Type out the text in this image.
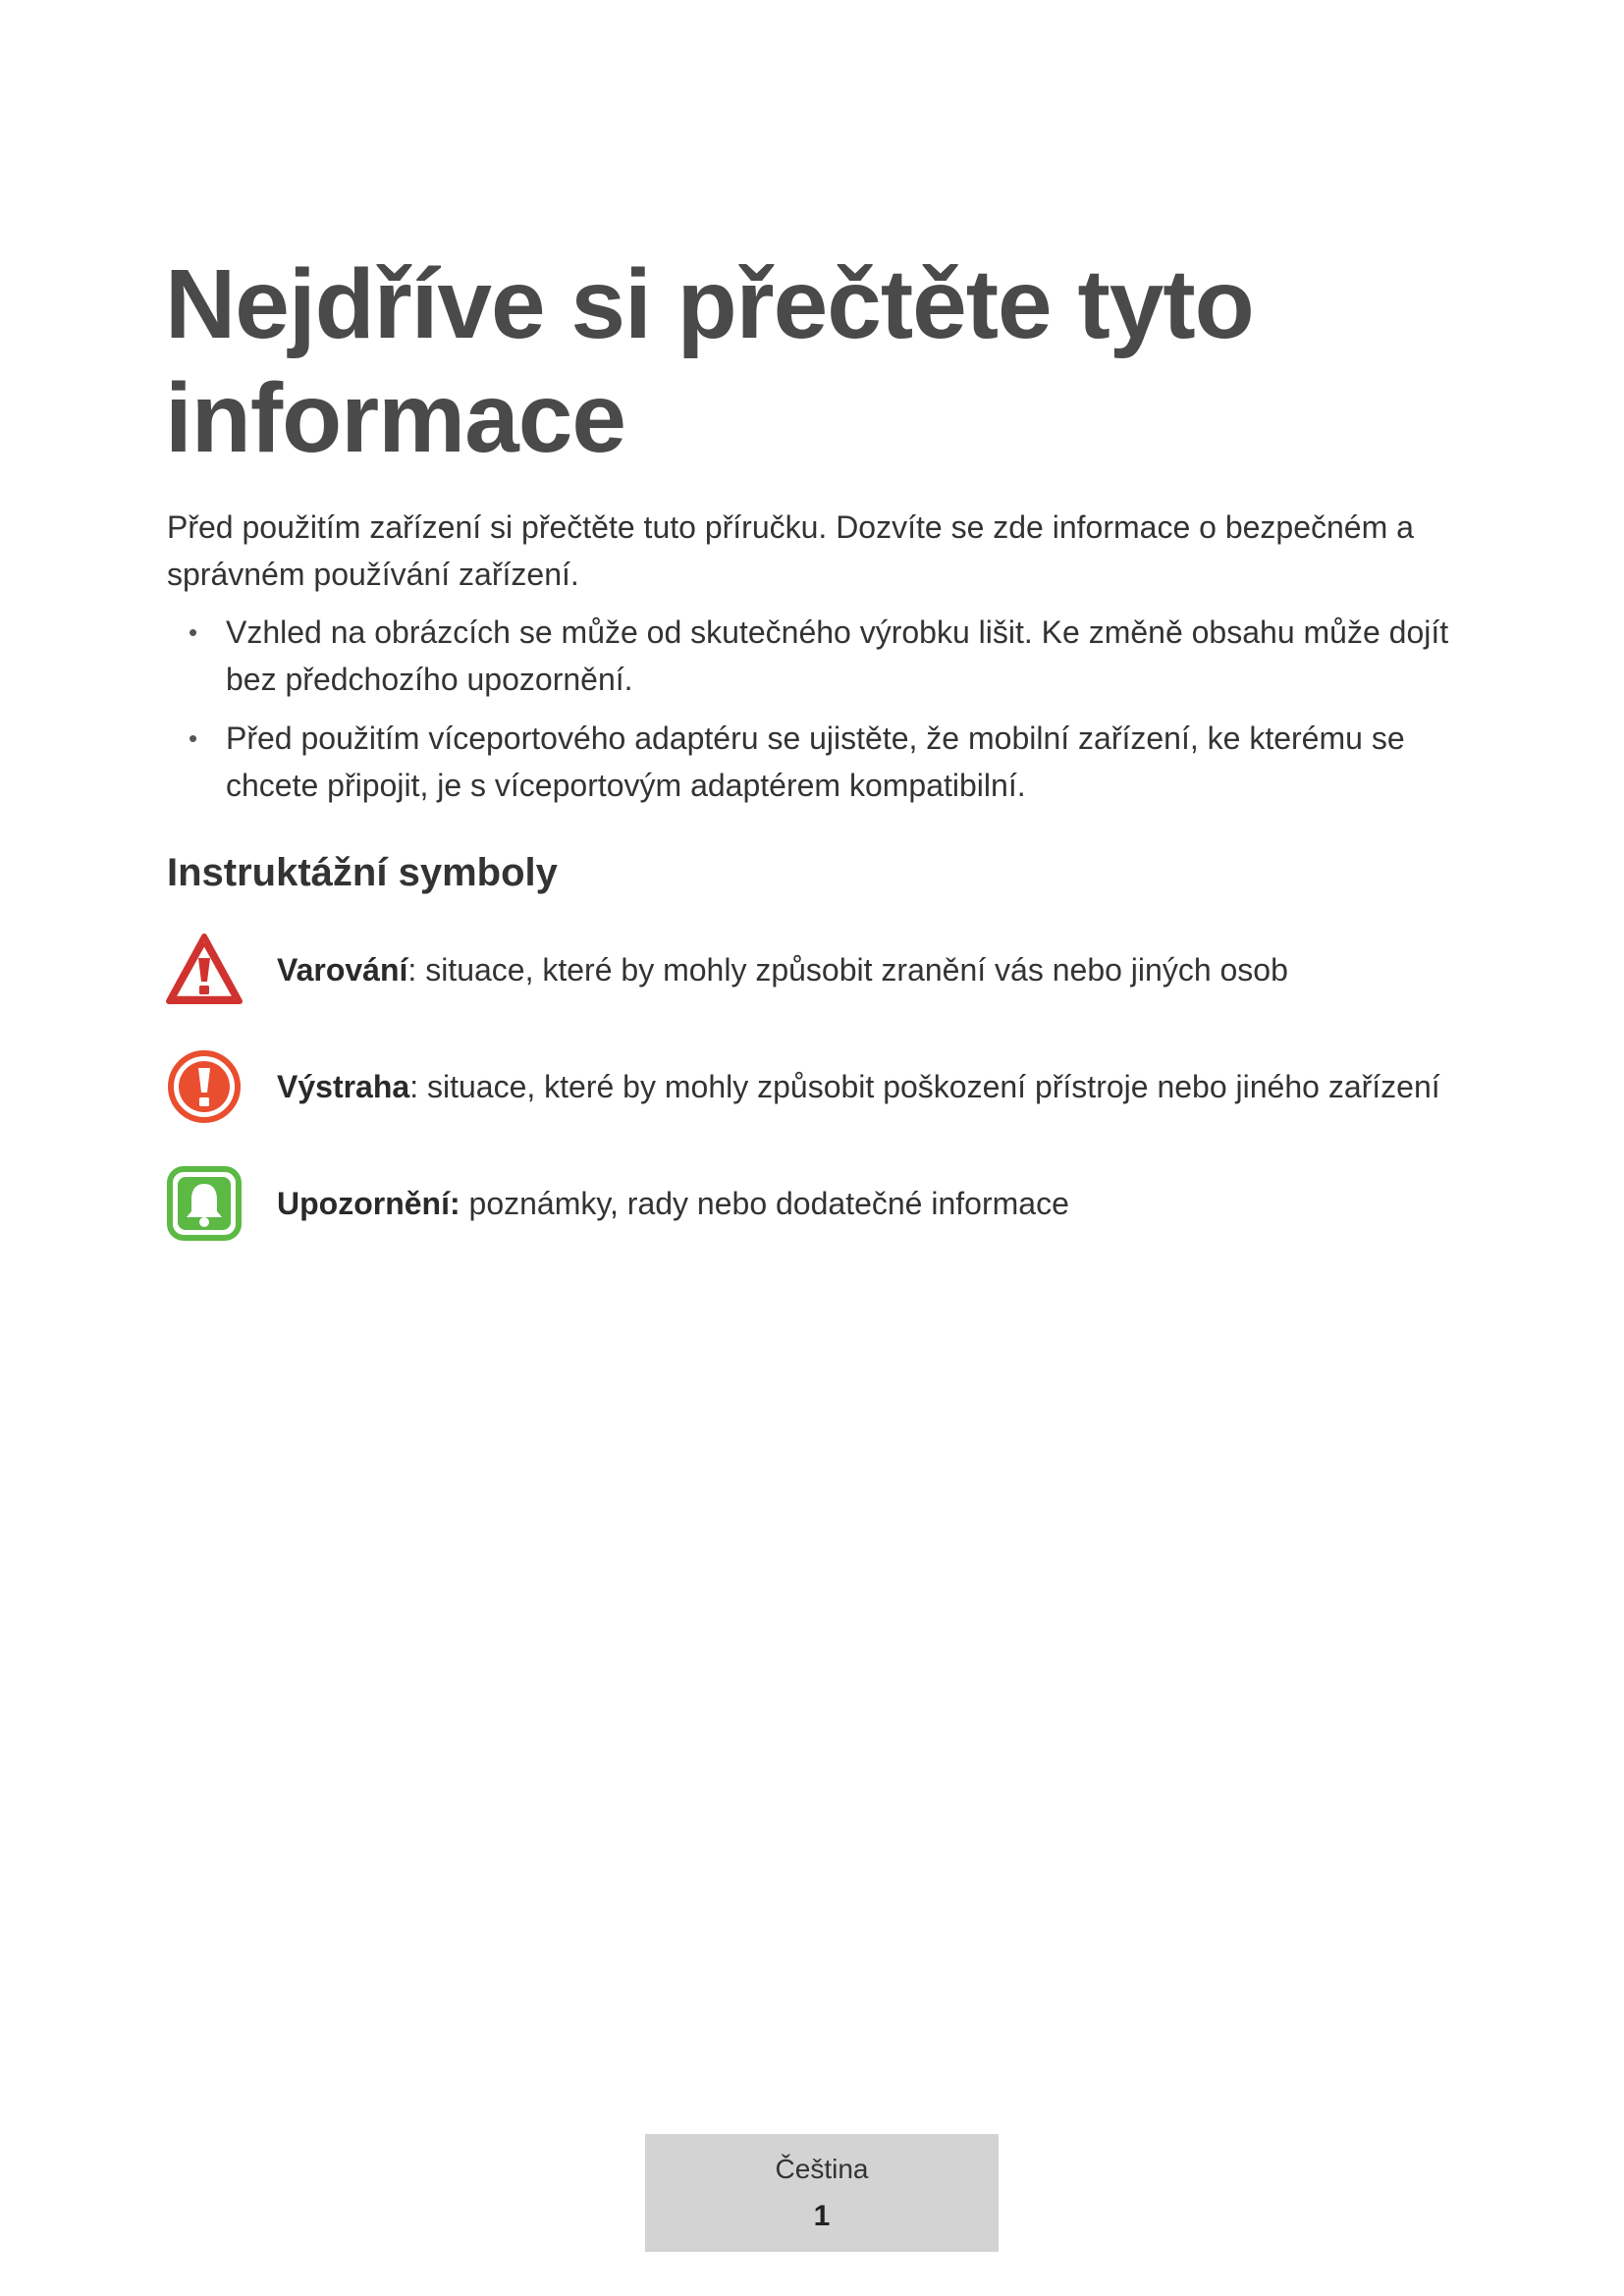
Nejdříve si přečtěte tyto informace

Před použitím zařízení si přečtěte tuto příručku. Dozvíte se zde informace o bezpečném a správném používání zařízení.

• Vzhled na obrázcích se může od skutečného výrobku lišit. Ke změně obsahu může dojít bez předchozího upozornění.
• Před použitím víceportového adaptéru se ujistěte, že mobilní zařízení, ke kterému se chcete připojit, je s víceportovým adaptérem kompatibilní.
Instruktážní symboly
Varování: situace, které by mohly způsobit zranění vás nebo jiných osob
Výstraha: situace, které by mohly způsobit poškození přístroje nebo jiného zařízení
Upozornění: poznámky, rady nebo dodatečné informace
Čeština
1
